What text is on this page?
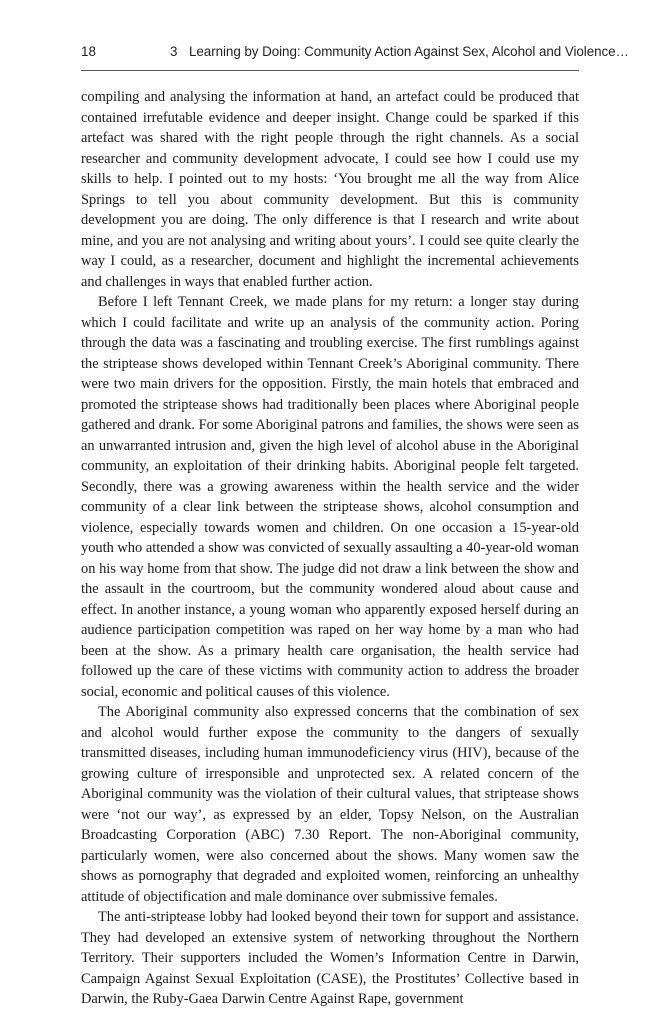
18	3 Learning by Doing: Community Action Against Sex, Alcohol and Violence…

compiling and analysing the information at hand, an artefact could be produced that contained irrefutable evidence and deeper insight. Change could be sparked if this artefact was shared with the right people through the right channels. As a social researcher and community development advocate, I could see how I could use my skills to help. I pointed out to my hosts: ‘You brought me all the way from Alice Springs to tell you about community development. But this is community development you are doing. The only difference is that I research and write about mine, and you are not analysing and writing about yours’. I could see quite clearly the way I could, as a researcher, document and highlight the incremental achievements and challenges in ways that enabled further action.

Before I left Tennant Creek, we made plans for my return: a longer stay during which I could facilitate and write up an analysis of the community action. Poring through the data was a fascinating and troubling exercise. The first rumblings against the striptease shows developed within Tennant Creek’s Aboriginal community. There were two main drivers for the opposition. Firstly, the main hotels that embraced and promoted the striptease shows had traditionally been places where Aboriginal people gathered and drank. For some Aboriginal patrons and families, the shows were seen as an unwarranted intrusion and, given the high level of alcohol abuse in the Aboriginal community, an exploitation of their drinking habits. Aboriginal people felt targeted. Secondly, there was a growing awareness within the health service and the wider community of a clear link between the striptease shows, alcohol consumption and violence, especially towards women and children. On one occasion a 15-year-old youth who attended a show was convicted of sexually assaulting a 40-year-old woman on his way home from that show. The judge did not draw a link between the show and the assault in the courtroom, but the community wondered aloud about cause and effect. In another instance, a young woman who apparently exposed herself during an audience participation competition was raped on her way home by a man who had been at the show. As a primary health care organisation, the health service had followed up the care of these victims with community action to address the broader social, economic and political causes of this violence.

The Aboriginal community also expressed concerns that the combination of sex and alcohol would further expose the community to the dangers of sexually transmitted diseases, including human immunodeficiency virus (HIV), because of the growing culture of irresponsible and unprotected sex. A related concern of the Aboriginal community was the violation of their cultural values, that striptease shows were ‘not our way’, as expressed by an elder, Topsy Nelson, on the Australian Broadcasting Corporation (ABC) 7.30 Report. The non-Aboriginal community, particularly women, were also concerned about the shows. Many women saw the shows as pornography that degraded and exploited women, reinforcing an unhealthy attitude of objectification and male dominance over submissive females.

The anti-striptease lobby had looked beyond their town for support and assistance. They had developed an extensive system of networking throughout the Northern Territory. Their supporters included the Women’s Information Centre in Darwin, Campaign Against Sexual Exploitation (CASE), the Prostitutes’ Collective based in Darwin, the Ruby-Gaea Darwin Centre Against Rape, government
